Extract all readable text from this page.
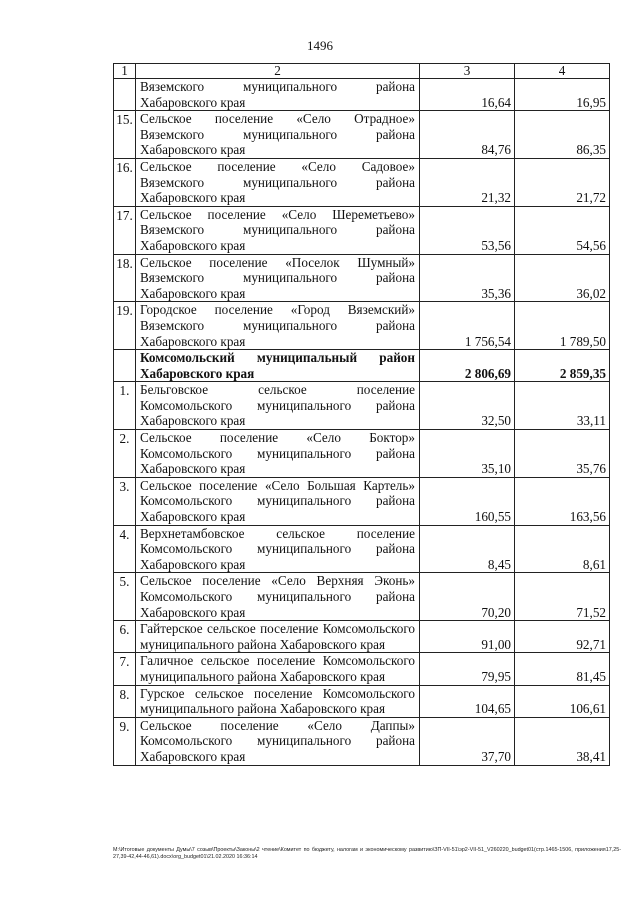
1496
1	2	3	4
	Вяземского муниципального района Хабаровского края	16,64	16,95
15.	Сельское поселение «Село Отрадное» Вяземского муниципального района Хабаровского края	84,76	86,35
16.	Сельское поселение «Село Садовое» Вяземского муниципального района Хабаровского края	21,32	21,72
17.	Сельское поселение «Село Шереметьево» Вяземского муниципального района Хабаровского края	53,56	54,56
18.	Сельское поселение «Поселок Шумный» Вяземского муниципального района Хабаровского края	35,36	36,02
19.	Городское поселение «Город Вяземский» Вяземского муниципального района Хабаровского края	1 756,54	1 789,50
	Комсомольский муниципальный район Хабаровского края	2 806,69	2 859,35
1.	Бельговское сельское поселение Комсомольского муниципального района Хабаровского края	32,50	33,11
2.	Сельское поселение «Село Боктор» Комсомольского муниципального района Хабаровского края	35,10	35,76
3.	Сельское поселение «Село Большая Картель» Комсомольского муниципального района Хабаровского края	160,55	163,56
4.	Верхнетамбовское сельское поселение Комсомольского муниципального района Хабаровского края	8,45	8,61
5.	Сельское поселение «Село Верхняя Эконь» Комсомольского муниципального района Хабаровского края	70,20	71,52
6.	Гайтерское сельское поселение Комсомольского муниципального района Хабаровского края	91,00	92,71
7.	Галичное сельское поселение Комсомольского муниципального района Хабаровского края	79,95	81,45
8.	Гурское сельское поселение Комсомольского муниципального района Хабаровского края	104,65	106,61
9.	Сельское поселение «Село Даппы» Комсомольского муниципального района Хабаровского края	37,70	38,41
M:\Итоговые документы Думы\7 созыв\Проекты\Законы\2 чтение\Комитет по бюджету, налогам и экономическому развитию\ЗП-VII-51\эр2-VII-51_V260220_budget01(стр.1465-1506, приложения17,25-27,39-42,44-46,61).docx\org_budget01\21.02.2020 16:36:14
